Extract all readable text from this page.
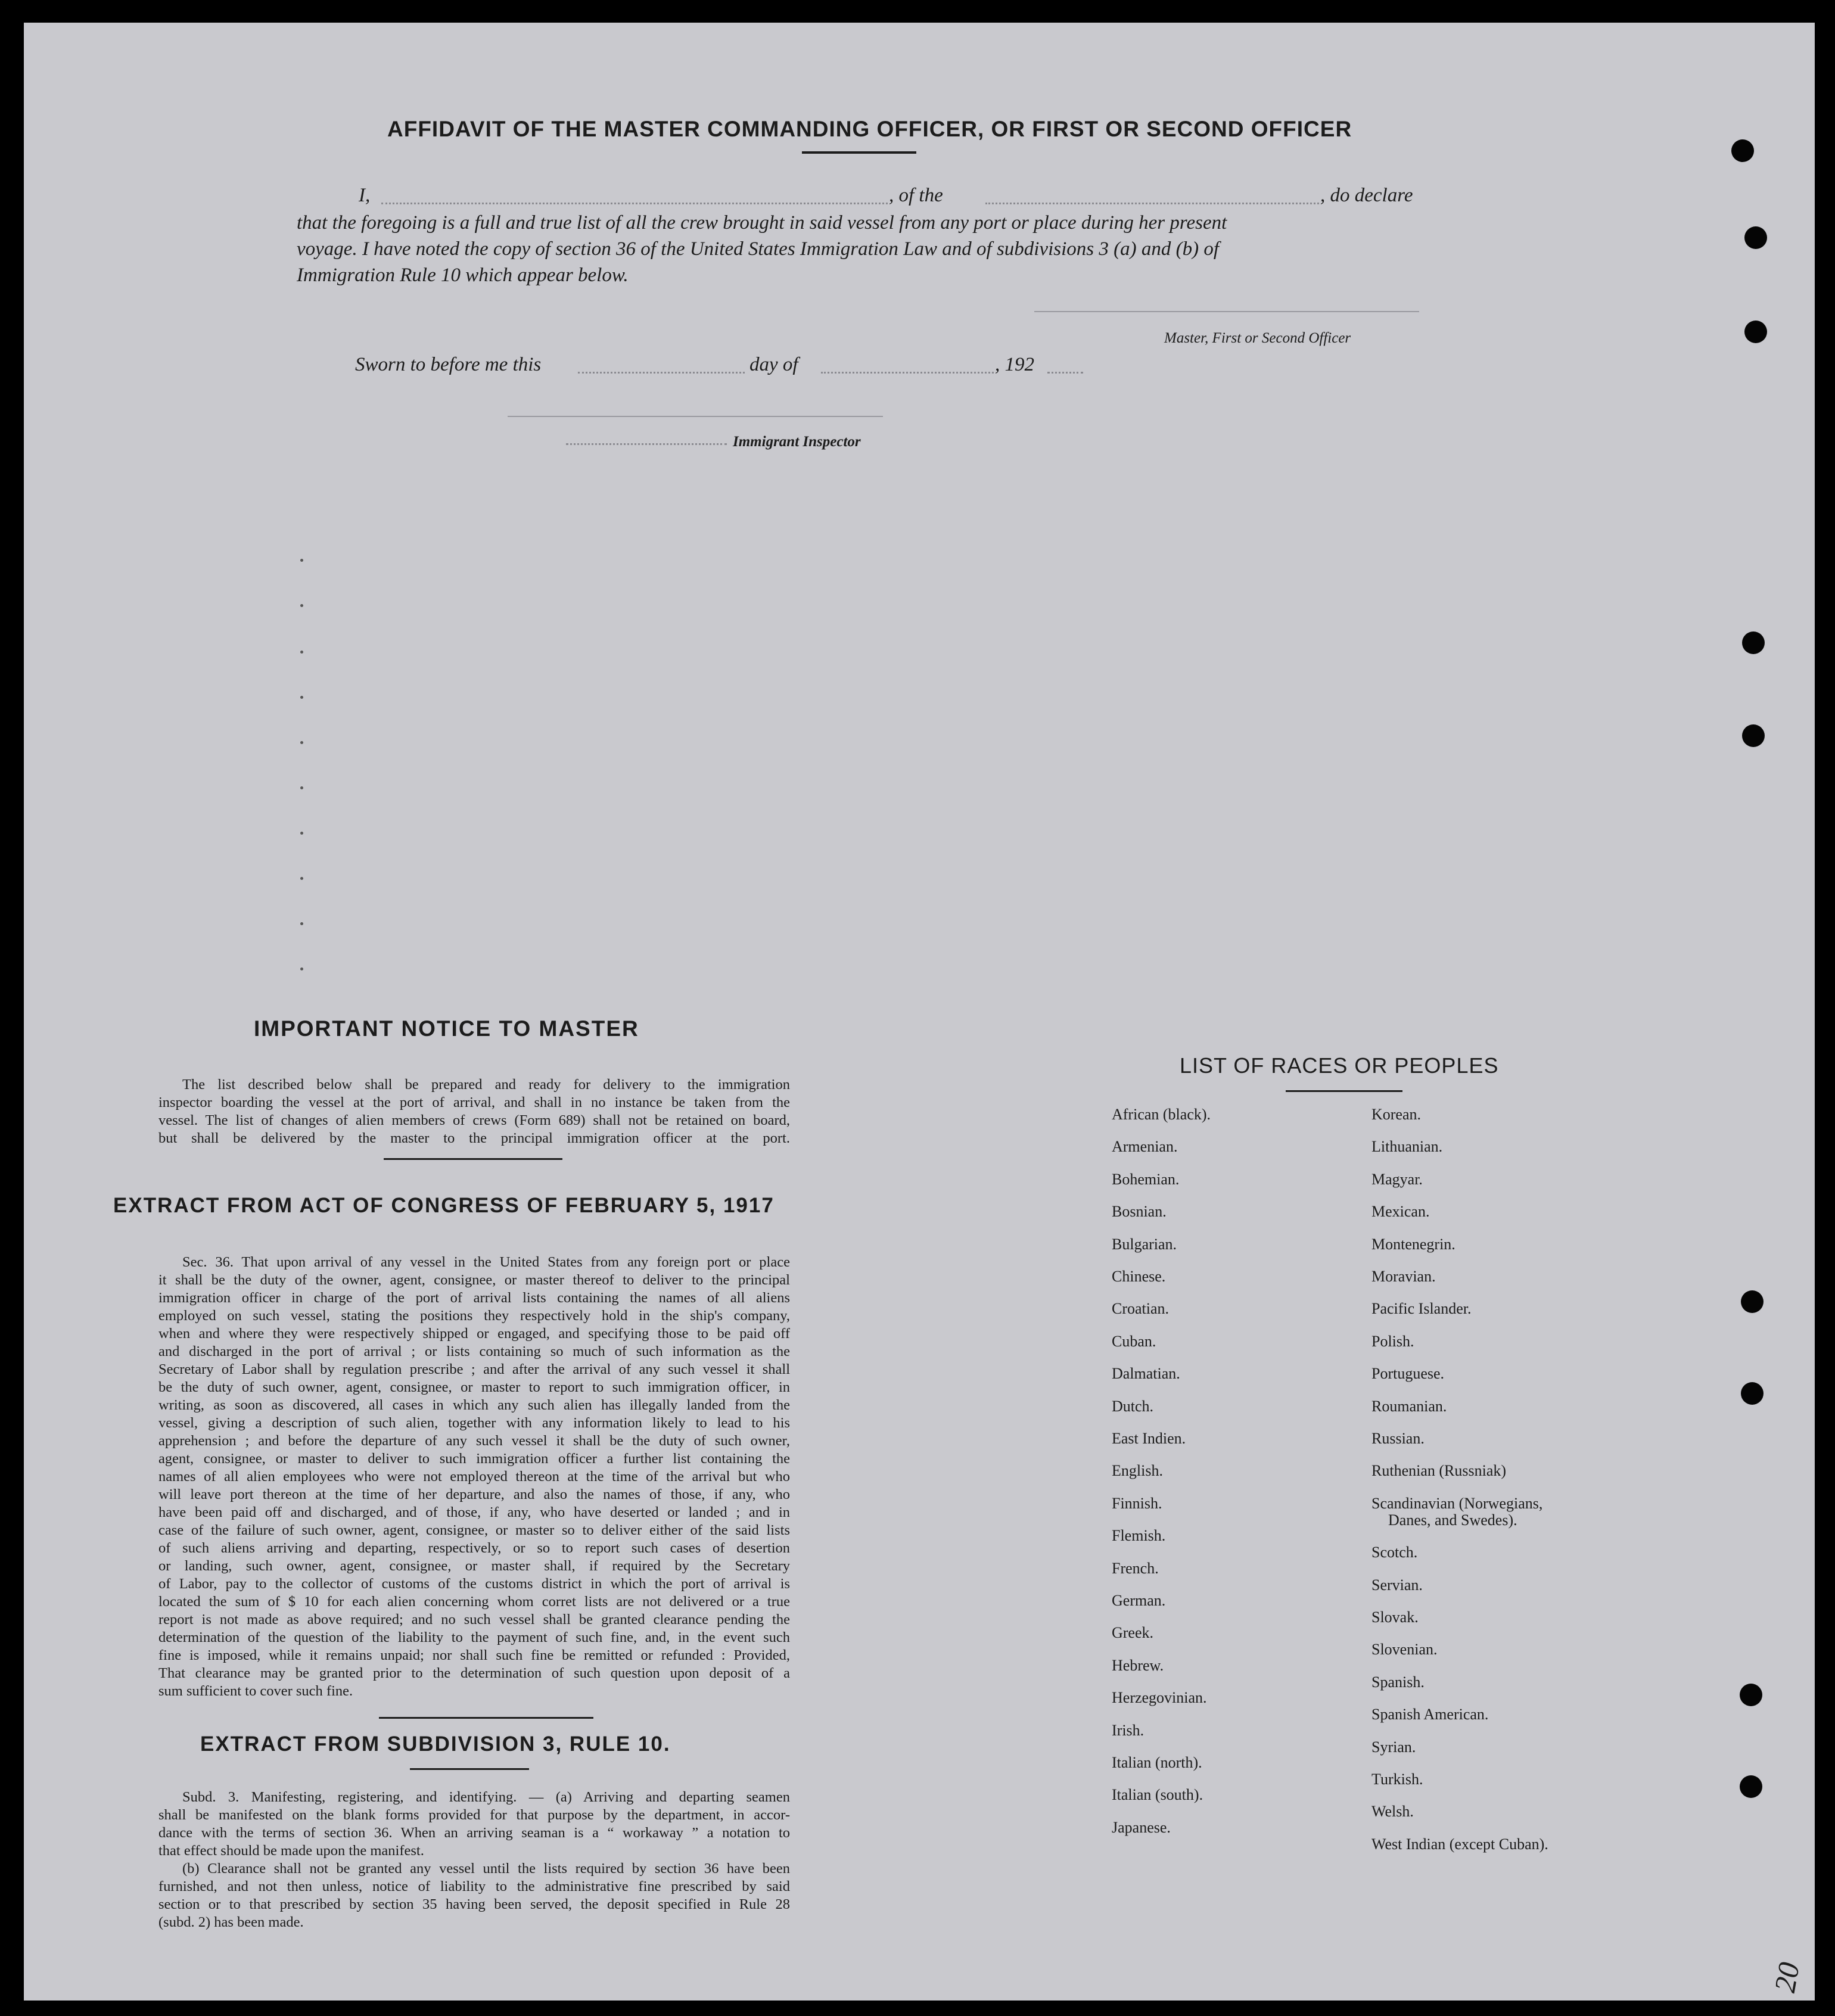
AFFIDAVIT OF THE MASTER COMMANDING OFFICER, OR FIRST OR SECOND OFFICER
I,	, of the	, do declare
that the foregoing is a full and true list of all the crew brought in said vessel from any port or place during her present
voyage. I have noted the copy of section 36 of the United States Immigration Law and of subdivisions 3 (a) and (b) of
Immigration Rule 10 which appear below.
Master, First or Second Officer
Sworn to before me this	day of	, 192
Immigrant Inspector
IMPORTANT NOTICE TO MASTER
The list described below shall be prepared and ready for delivery to the immigration
inspector boarding the vessel at the port of arrival, and shall in no instance be taken from the
vessel. The list of changes of alien members of crews (Form 689) shall not be retained on board,
but shall be delivered by the master to the principal immigration officer at the port.
EXTRACT FROM ACT OF CONGRESS OF FEBRUARY 5, 1917
Sec. 36. That upon arrival of any vessel in the United States from any foreign port or place
it shall be the duty of the owner, agent, consignee, or master thereof to deliver to the principal
immigration officer in charge of the port of arrival lists containing the names of all aliens
employed on such vessel, stating the positions they respectively hold in the ship's company,
when and where they were respectively shipped or engaged, and specifying those to be paid off
and discharged in the port of arrival ; or lists containing so much of such information as the
Secretary of Labor shall by regulation prescribe ; and after the arrival of any such vessel it shall
be the duty of such owner, agent, consignee, or master to report to such immigration officer, in
writing, as soon as discovered, all cases in which any such alien has illegally landed from the
vessel, giving a description of such alien, together with any information likely to lead to his
apprehension ; and before the departure of any such vessel it shall be the duty of such owner,
agent, consignee, or master to deliver to such immigration officer a further list containing the
names of all alien employees who were not employed thereon at the time of the arrival but who
will leave port thereon at the time of her departure, and also the names of those, if any, who
have been paid off and discharged, and of those, if any, who have deserted or landed ; and in
case of the failure of such owner, agent, consignee, or master so to deliver either of the said lists
of such aliens arriving and departing, respectively, or so to report such cases of desertion
or landing, such owner, agent, consignee, or master shall, if required by the Secretary
of Labor, pay to the collector of customs of the customs district in which the port of arrival is
located the sum of $ 10 for each alien concerning whom corret lists are not delivered or a true
report is not made as above required; and no such vessel shall be granted clearance pending the
determination of the question of the liability to the payment of such fine, and, in the event such
fine is imposed, while it remains unpaid; nor shall such fine be remitted or refunded : Provided,
That clearance may be granted prior to the determination of such question upon deposit of a
sum sufficient to cover such fine.
EXTRACT FROM SUBDIVISION 3, RULE 10.
Subd. 3. Manifesting, registering, and identifying. — (a) Arriving and departing seamen
shall be manifested on the blank forms provided for that purpose by the department, in accor-
dance with the terms of section 36. When an arriving seaman is a “ workaway ” a notation to
that effect should be made upon the manifest.
(b) Clearance shall not be granted any vessel until the lists required by section 36 have been
furnished, and not then unless, notice of liability to the administrative fine prescribed by said
section or to that prescribed by section 35 having been served, the deposit specified in Rule 28
(subd. 2) has been made.
LIST OF RACES OR PEOPLES
20
African (black).
Armenian.
Bohemian.
Bosnian.
Bulgarian.
Chinese.
Croatian.
Cuban.
Dalmatian.
Dutch.
East Indien.
English.
Finnish.
Flemish.
French.
German.
Greek.
Hebrew.
Herzegovinian.
Irish.
Italian (north).
Italian (south).
Japanese.
Korean.
Lithuanian.
Magyar.
Mexican.
Montenegrin.
Moravian.
Pacific Islander.
Polish.
Portuguese.
Roumanian.
Russian.
Ruthenian (Russniak)
Scandinavian (Norwegians,
Danes, and Swedes).
Scotch.
Servian.
Slovak.
Slovenian.
Spanish.
Spanish American.
Syrian.
Turkish.
Welsh.
West Indian (except Cuban).
